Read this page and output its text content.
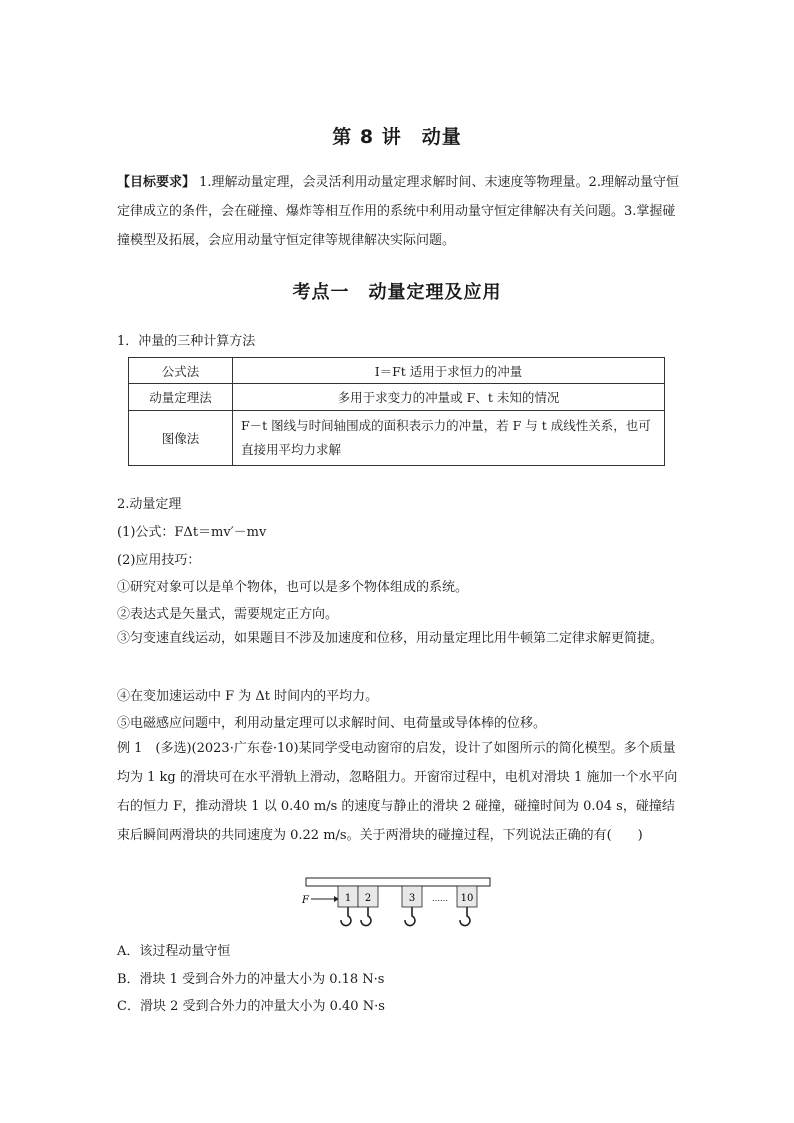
第 8 讲　动量
【目标要求】 1.理解动量定理，会灵活利用动量定理求解时间、末速度等物理量。2.理解动量守恒定律成立的条件，会在碰撞、爆炸等相互作用的系统中利用动量守恒定律解决有关问题。3.掌握碰撞模型及拓展，会应用动量守恒定律等规律解决实际问题。
考点一　动量定理及应用
1．冲量的三种计算方法
公式法	I＝Ft 适用于求恒力的冲量
动量定理法	多用于求变力的冲量或 F、t 未知的情况
图像法	F－t 图线与时间轴围成的面积表示力的冲量，若 F 与 t 成线性关系，也可直接用平均力求解
2.动量定理
(1)公式：FΔt＝mv′－mv
(2)应用技巧：
①研究对象可以是单个物体，也可以是多个物体组成的系统。
②表达式是矢量式，需要规定正方向。
③匀变速直线运动，如果题目不涉及加速度和位移，用动量定理比用牛顿第二定律求解更简捷。
④在变加速运动中 F 为 Δt 时间内的平均力。
⑤电磁感应问题中，利用动量定理可以求解时间、电荷量或导体棒的位移。
例 1　(多选)(2023·广东卷·10)某同学受电动窗帘的启发，设计了如图所示的简化模型。多个质量均为 1 kg 的滑块可在水平滑轨上滑动，忽略阻力。开窗帘过程中，电机对滑块 1 施加一个水平向右的恒力 F，推动滑块 1 以 0.40 m/s 的速度与静止的滑块 2 碰撞，碰撞时间为 0.04 s，碰撞结束后瞬间两滑块的共同速度为 0.22 m/s。关于两滑块的碰撞过程，下列说法正确的有(　　)
F	1 2	3 …… 10
A．该过程动量守恒
B．滑块 1 受到合外力的冲量大小为 0.18 N·s
C．滑块 2 受到合外力的冲量大小为 0.40 N·s
